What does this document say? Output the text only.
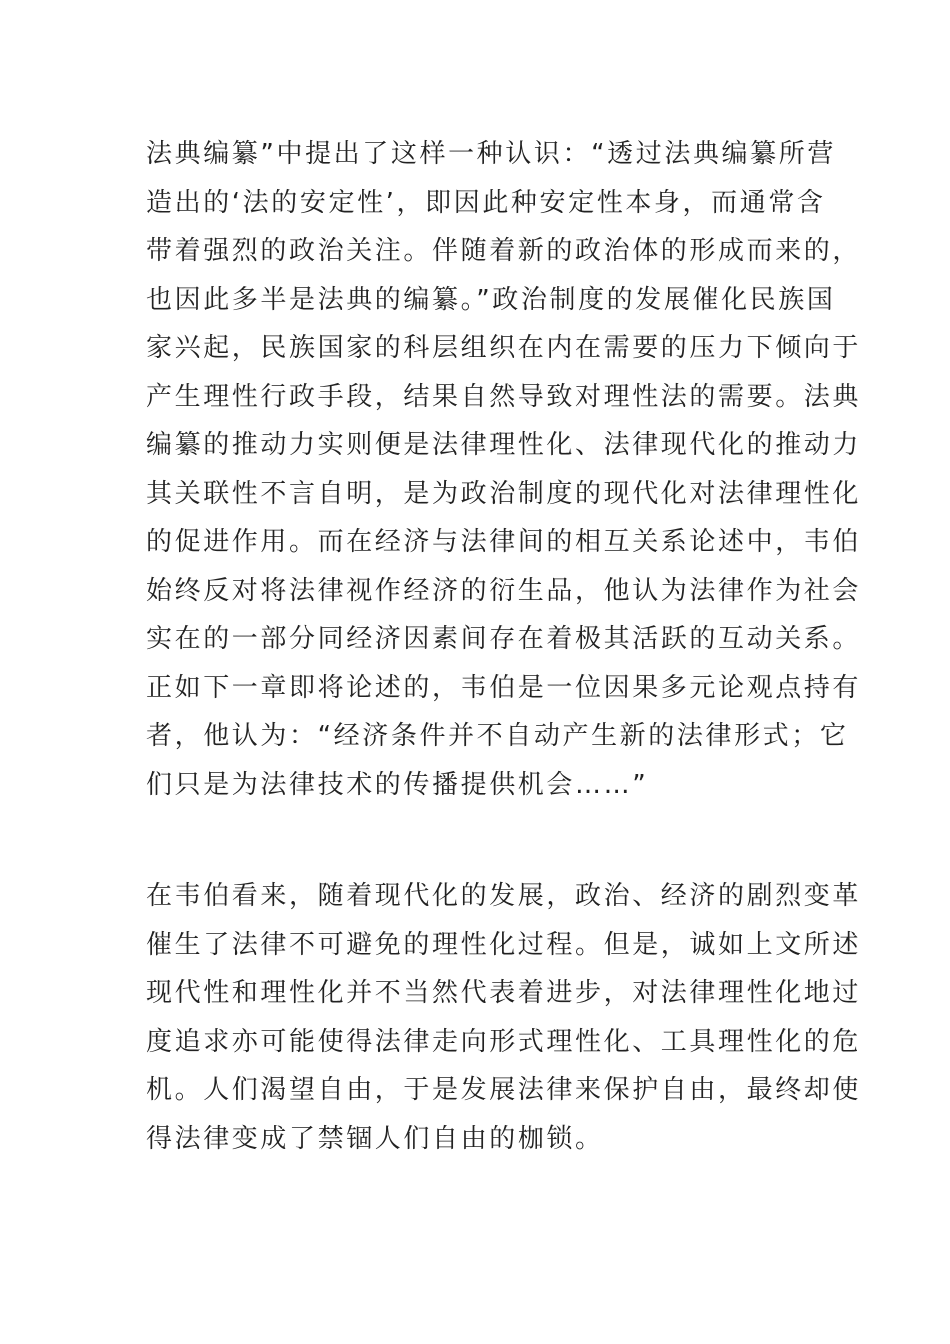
法典编纂”中提出了这样一种认识：“透过法典编纂所营
造出的‘法的安定性’，即因此种安定性本身，而通常含
带着强烈的政治关注。伴随着新的政治体的形成而来的，
也因此多半是法典的编纂。”政治制度的发展催化民族国
家兴起，民族国家的科层组织在内在需要的压力下倾向于
产生理性行政手段，结果自然导致对理性法的需要。法典
编纂的推动力实则便是法律理性化、法律现代化的推动力
其关联性不言自明，是为政治制度的现代化对法律理性化
的促进作用。而在经济与法律间的相互关系论述中，韦伯
始终反对将法律视作经济的衍生品，他认为法律作为社会
实在的一部分同经济因素间存在着极其活跃的互动关系。
正如下一章即将论述的，韦伯是一位因果多元论观点持有
者，他认为：“经济条件并不自动产生新的法律形式；它
们只是为法律技术的传播提供机会……”
在韦伯看来，随着现代化的发展，政治、经济的剧烈变革
催生了法律不可避免的理性化过程。但是，诚如上文所述
现代性和理性化并不当然代表着进步，对法律理性化地过
度追求亦可能使得法律走向形式理性化、工具理性化的危
机。人们渴望自由，于是发展法律来保护自由，最终却使
得法律变成了禁锢人们自由的枷锁。
